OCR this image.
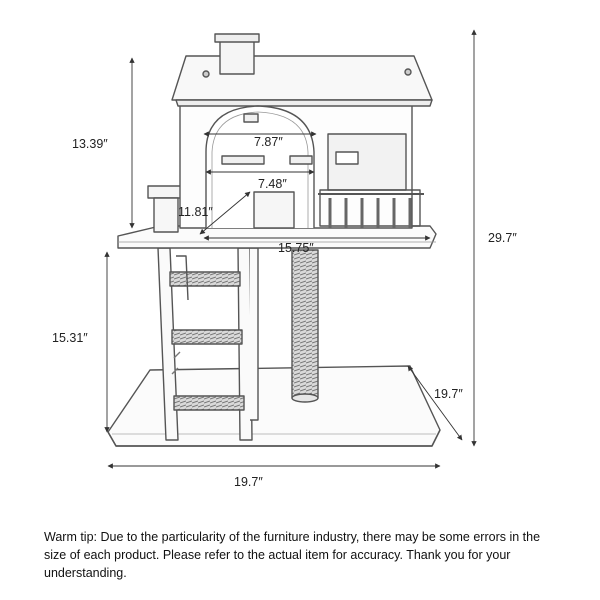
13.39″	7.87″
7.48″
11.81″
15.75″
15.31″
29.7″
19.7″
19.7″
Warm tip: Due to the particularity of the furniture industry, there may be some errors in the size of each product. Please refer to the actual item for accuracy. Thank you for your understanding.
